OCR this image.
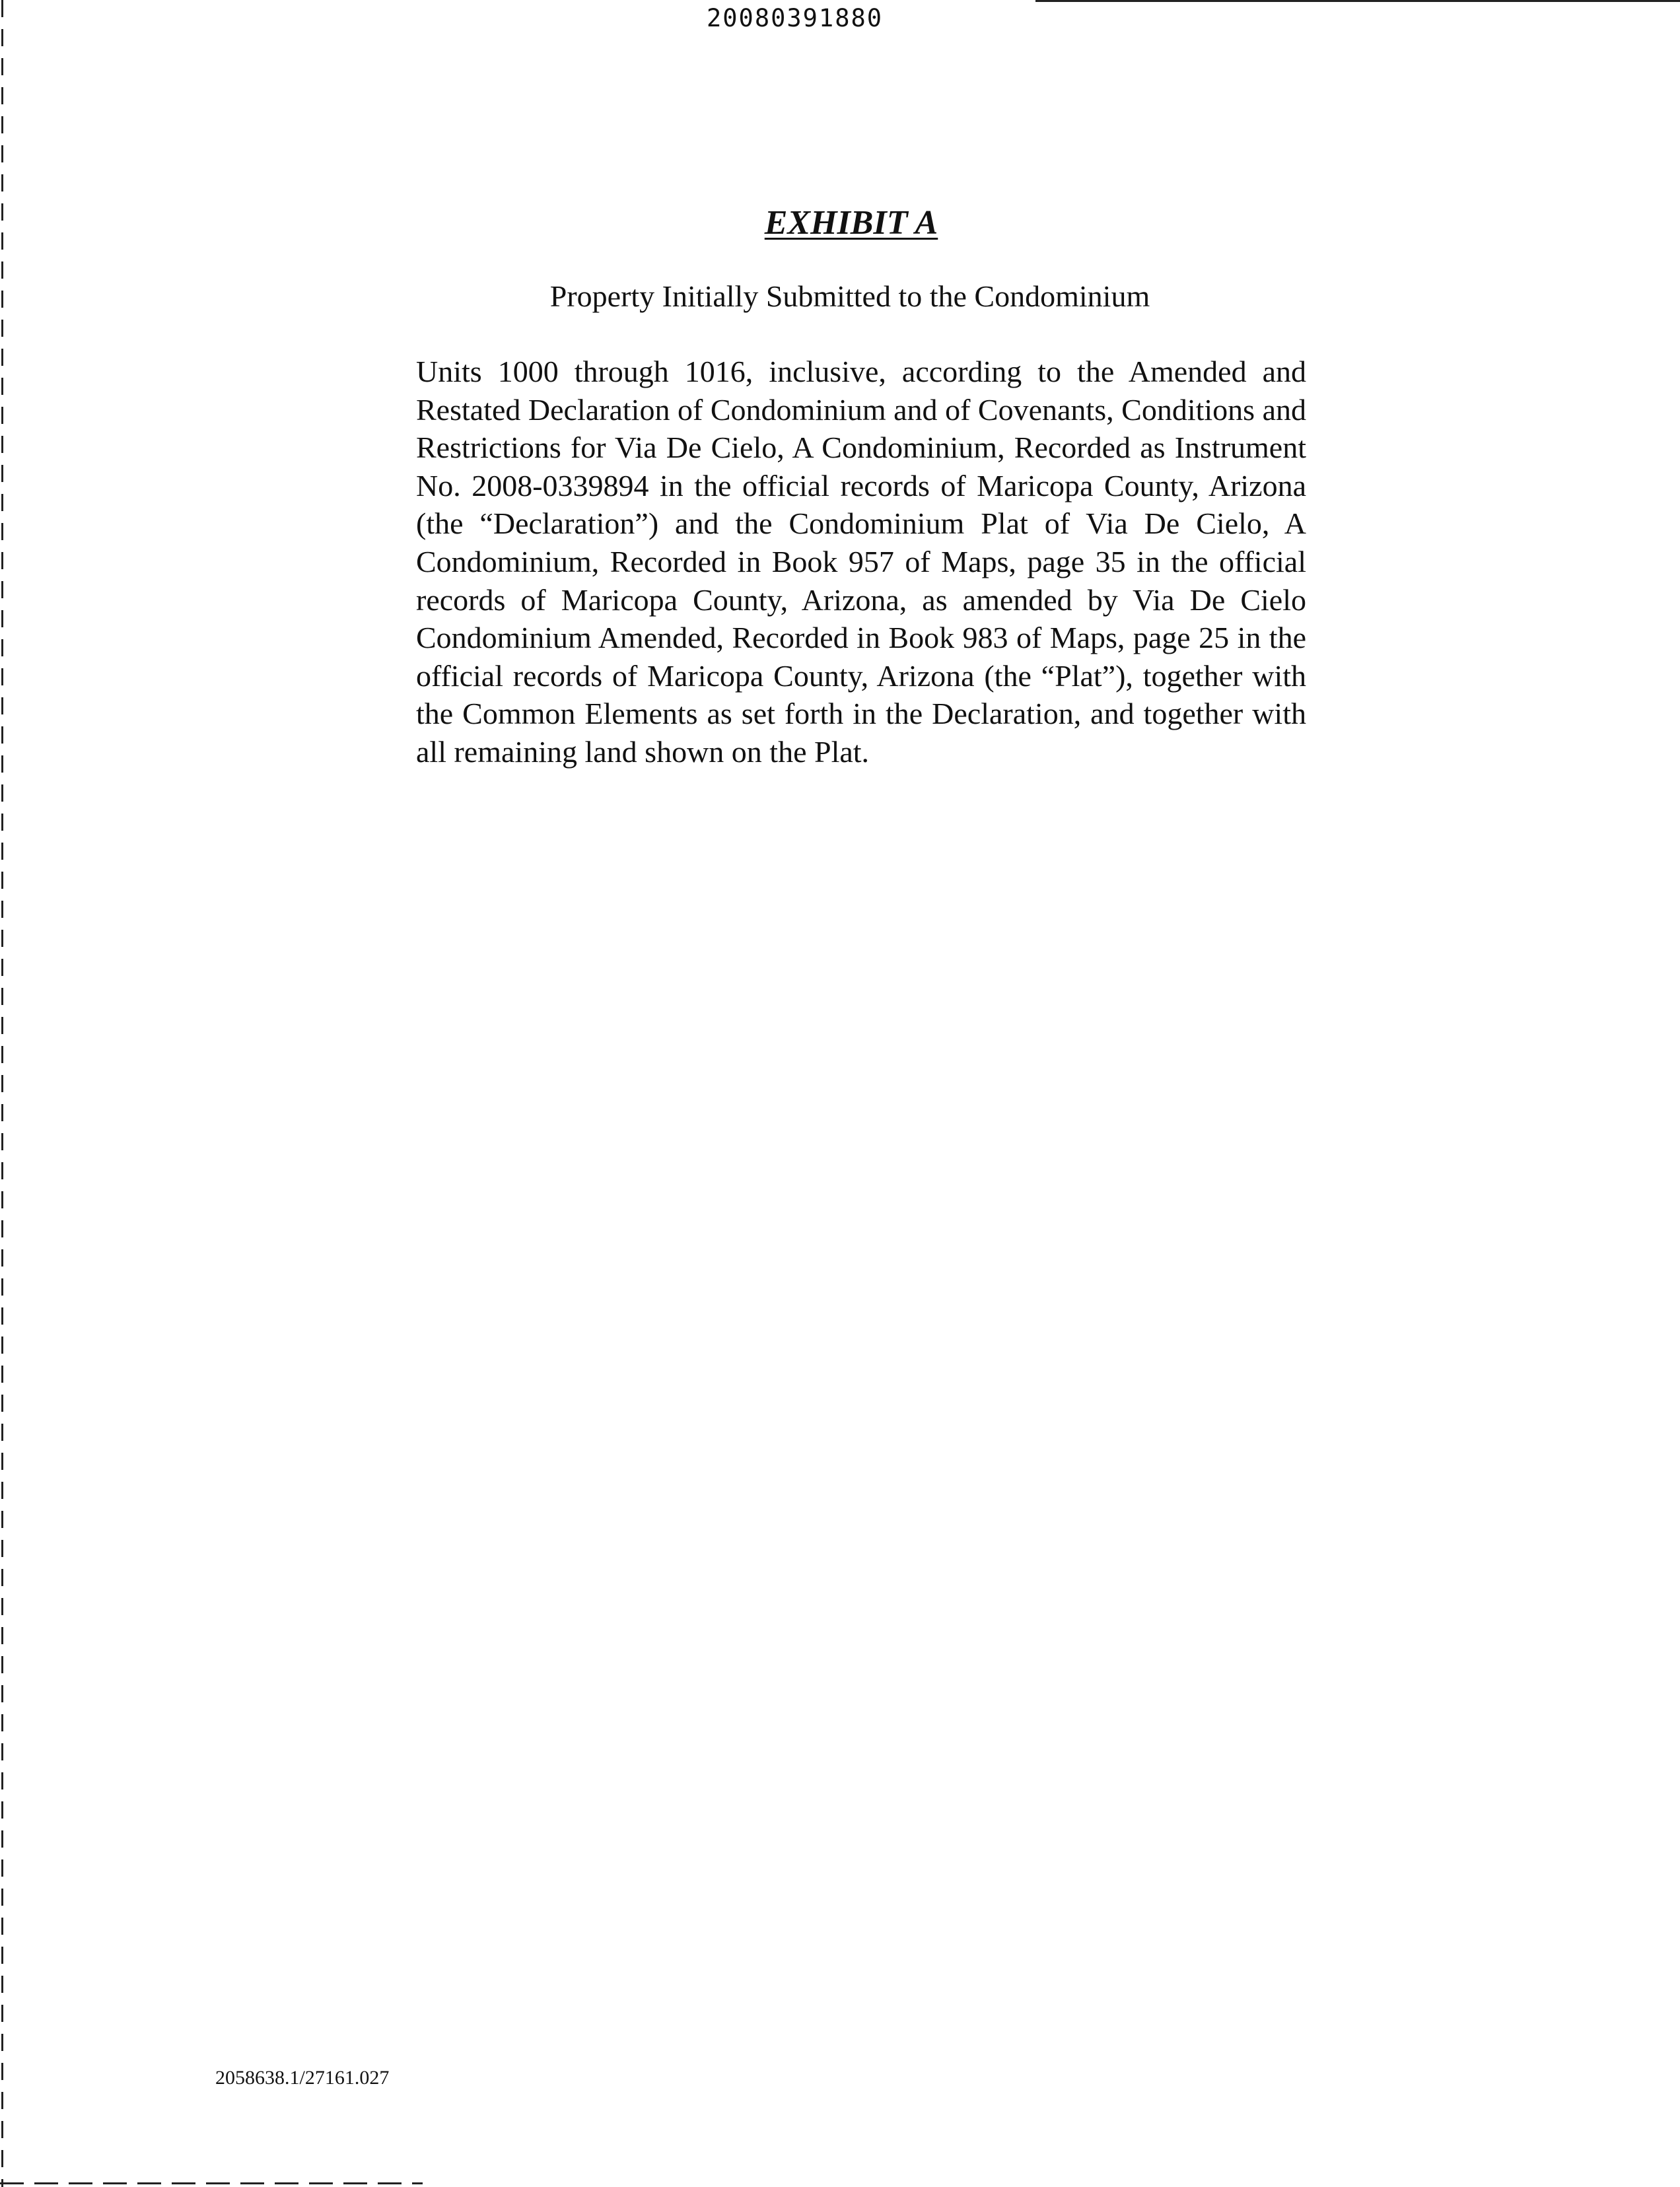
20080391880
EXHIBIT A
Property Initially Submitted to the Condominium
Units 1000 through 1016, inclusive, according to the Amended and Restated Declaration of Condominium and of Covenants, Conditions and Restrictions for Via De Cielo, A Condominium, Recorded as Instrument No. 2008-0339894 in the official records of Maricopa County, Arizona (the “Declaration”) and the Condominium Plat of Via De Cielo, A Condominium, Recorded in Book 957 of Maps, page 35 in the official records of Maricopa County, Arizona, as amended by Via De Cielo Condominium Amended, Recorded in Book 983 of Maps, page 25 in the official records of Maricopa County, Arizona (the “Plat”), together with the Common Elements as set forth in the Declaration, and together with all remaining land shown on the Plat.
2058638.1/27161.027
